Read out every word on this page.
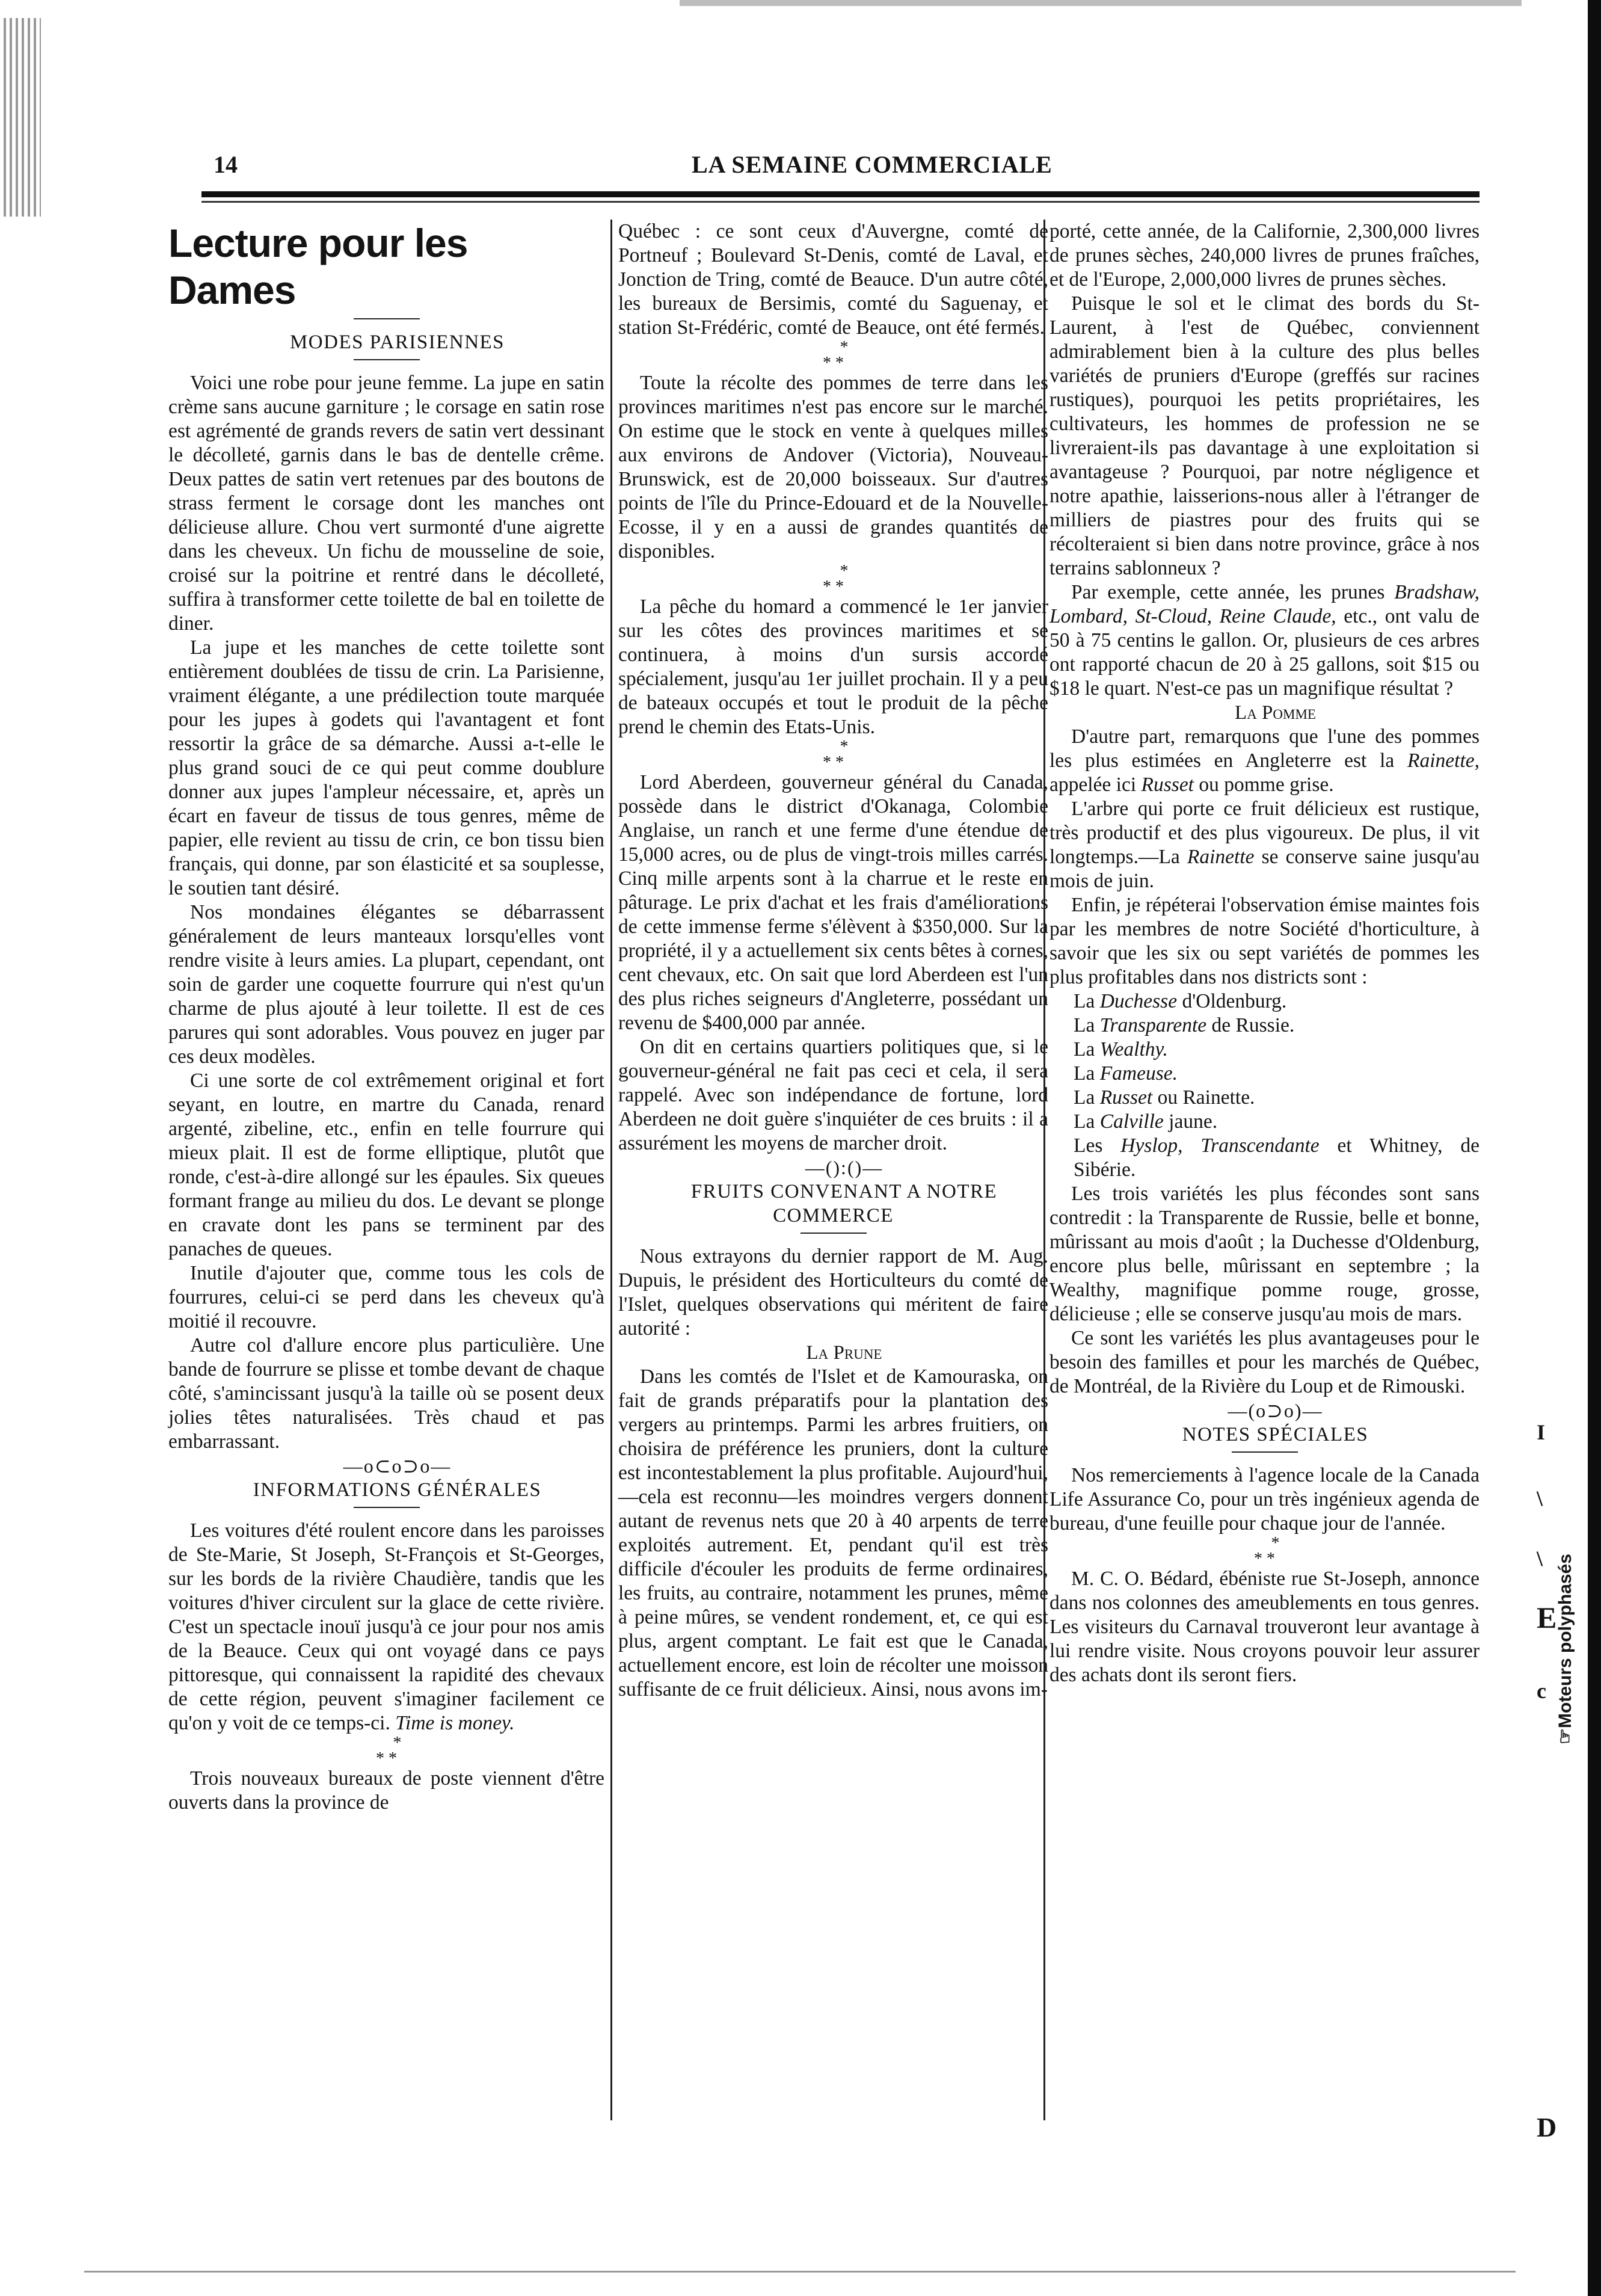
14	LA SEMAINE COMMERCIALE
Lecture pour les Dames

MODES PARISIENNES

Voici une robe pour jeune femme. La jupe en satin crème sans aucune garniture ; le corsage en satin rose est agrémenté de grands revers de satin vert dessinant le décolleté, garnis dans le bas de dentelle crême. Deux pattes de satin vert retenues par des boutons de strass ferment le corsage dont les manches ont délicieuse allure. Chou vert surmonté d'une aigrette dans les cheveux. Un fichu de mousseline de soie, croisé sur la poitrine et rentré dans le décolleté, suffira à transformer cette toilette de bal en toilette de diner.

La jupe et les manches de cette toilette sont entièrement doublées de tissu de crin. La Parisienne, vraiment élégante, a une prédilection toute marquée pour les jupes à godets qui l'avantagent et font ressortir la grâce de sa démarche. Aussi a-t-elle le plus grand souci de ce qui peut comme doublure donner aux jupes l'ampleur nécessaire, et, après un écart en faveur de tissus de tous genres, même de papier, elle revient au tissu de crin, ce bon tissu bien français, qui donne, par son élasticité et sa souplesse, le soutien tant désiré.

Nos mondaines élégantes se débarrassent généralement de leurs manteaux lorsqu'elles vont rendre visite à leurs amies. La plupart, cependant, ont soin de garder une coquette fourrure qui n'est qu'un charme de plus ajouté à leur toilette. Il est de ces parures qui sont adorables. Vous pouvez en juger par ces deux modèles.

Ci une sorte de col extrêmement original et fort seyant, en loutre, en martre du Canada, renard argenté, zibeline, etc., enfin en telle fourrure qui mieux plait. Il est de forme elliptique, plutôt que ronde, c'est-à-dire allongé sur les épaules. Six queues formant frange au milieu du dos. Le devant se plonge en cravate dont les pans se terminent par des panaches de queues.

Inutile d'ajouter que, comme tous les cols de fourrures, celui-ci se perd dans les cheveux qu'à moitié il recouvre.

Autre col d'allure encore plus particulière. Une bande de fourrure se plisse et tombe devant de chaque côté, s'amincissant jusqu'à la taille où se posent deux jolies têtes naturalisées. Très chaud et pas embarrassant.

—o⊂o⊃o—

INFORMATIONS GÉNÉRALES

Les voitures d'été roulent encore dans les paroisses de Ste-Marie, St Joseph, St-François et St-Georges, sur les bords de la rivière Chaudière, tandis que les voitures d'hiver circulent sur la glace de cette rivière. C'est un spectacle inouï jusqu'à ce jour pour nos amis de la Beauce. Ceux qui ont voyagé dans ce pays pittoresque, qui connaissent la rapidité des chevaux de cette région, peuvent s'imaginer facilement ce qu'on y voit de ce temps-ci. Time is money.

*
* *

Trois nouveaux bureaux de poste viennent d'être ouverts dans la province de

Québec : ce sont ceux d'Auvergne, comté de Portneuf ; Boulevard St-Denis, comté de Laval, et Jonction de Tring, comté de Beauce. D'un autre côté, les bureaux de Bersimis, comté du Saguenay, et station St-Frédéric, comté de Beauce, ont été fermés.

*
* *

Toute la récolte des pommes de terre dans les provinces maritimes n'est pas encore sur le marché. On estime que le stock en vente à quelques milles aux environs de Andover (Victoria), Nouveau-Brunswick, est de 20,000 boisseaux. Sur d'autres points de l'île du Prince-Edouard et de la Nouvelle-Ecosse, il y en a aussi de grandes quantités de disponibles.

*
* *

La pêche du homard a commencé le 1er janvier sur les côtes des provinces maritimes et se continuera, à moins d'un sursis accordé spécialement, jusqu'au 1er juillet prochain. Il y a peu de bateaux occupés et tout le produit de la pêche prend le chemin des Etats-Unis.

*
* *

Lord Aberdeen, gouverneur général du Canada, possède dans le district d'Okanaga, Colombie Anglaise, un ranch et une ferme d'une étendue de 15,000 acres, ou de plus de vingt-trois milles carrés. Cinq mille arpents sont à la charrue et le reste en pâturage. Le prix d'achat et les frais d'améliorations de cette immense ferme s'élèvent à $350,000. Sur la propriété, il y a actuellement six cents bêtes à cornes, cent chevaux, etc. On sait que lord Aberdeen est l'un des plus riches seigneurs d'Angleterre, possédant un revenu de $400,000 par année.

On dit en certains quartiers politiques que, si le gouverneur-général ne fait pas ceci et cela, il sera rappelé. Avec son indépendance de fortune, lord Aberdeen ne doit guère s'inquiéter de ces bruits : il a assurément les moyens de marcher droit.

—():()—

FRUITS CONVENANT A NOTRE COMMERCE

Nous extrayons du dernier rapport de M. Aug. Dupuis, le président des Horticulteurs du comté de l'Islet, quelques observations qui méritent de faire autorité :

La Prune

Dans les comtés de l'Islet et de Kamouraska, on fait de grands préparatifs pour la plantation des vergers au printemps. Parmi les arbres fruitiers, on choisira de préférence les pruniers, dont la culture est incontestablement la plus profitable. Aujourd'hui,—cela est reconnu—les moindres vergers donnent autant de revenus nets que 20 à 40 arpents de terre exploités autrement. Et, pendant qu'il est très difficile d'écouler les produits de ferme ordinaires, les fruits, au contraire, notamment les prunes, même à peine mûres, se vendent rondement, et, ce qui est plus, argent comptant. Le fait est que le Canada, actuellement encore, est loin de récolter une moisson suffisante de ce fruit délicieux. Ainsi, nous avons im-

porté, cette année, de la Californie, 2,300,000 livres de prunes sèches, 240,000 livres de prunes fraîches, et de l'Europe, 2,000,000 livres de prunes sèches.

Puisque le sol et le climat des bords du St-Laurent, à l'est de Québec, conviennent admirablement bien à la culture des plus belles variétés de pruniers d'Europe (greffés sur racines rustiques), pourquoi les petits propriétaires, les cultivateurs, les hommes de profession ne se livreraient-ils pas davantage à une exploitation si avantageuse ? Pourquoi, par notre négligence et notre apathie, laisserions-nous aller à l'étranger de milliers de piastres pour des fruits qui se récolteraient si bien dans notre province, grâce à nos terrains sablonneux ?

Par exemple, cette année, les prunes Bradshaw, Lombard, St-Cloud, Reine Claude, etc., ont valu de 50 à 75 centins le gallon. Or, plusieurs de ces arbres ont rapporté chacun de 20 à 25 gallons, soit $15 ou $18 le quart. N'est-ce pas un magnifique résultat ?

La Pomme

D'autre part, remarquons que l'une des pommes les plus estimées en Angleterre est la Rainette, appelée ici Russet ou pomme grise.

L'arbre qui porte ce fruit délicieux est rustique, très productif et des plus vigoureux. De plus, il vit longtemps.—La Rainette se conserve saine jusqu'au mois de juin.

Enfin, je répéterai l'observation émise maintes fois par les membres de notre Société d'horticulture, à savoir que les six ou sept variétés de pommes les plus profitables dans nos districts sont :

La Duchesse d'Oldenburg.

La Transparente de Russie.

La Wealthy.

La Fameuse.

La Russet ou Rainette.

La Calville jaune.

Les Hyslop, Transcendante et Whitney, de Sibérie.

Les trois variétés les plus fécondes sont sans contredit : la Transparente de Russie, belle et bonne, mûrissant au mois d'août ; la Duchesse d'Oldenburg, encore plus belle, mûrissant en septembre ; la Wealthy, magnifique pomme rouge, grosse, délicieuse ; elle se conserve jusqu'au mois de mars.

Ce sont les variétés les plus avantageuses pour le besoin des familles et pour les marchés de Québec, de Montréal, de la Rivière du Loup et de Rimouski.

—(o⊃o)—

NOTES SPÉCIALES

Nos remerciements à l'agence locale de la Canada Life Assurance Co, pour un très ingénieux agenda de bureau, d'une feuille pour chaque jour de l'année.

*
* *

M. C. O. Bédard, ébéniste rue St-Joseph, annonce dans nos colonnes des ameublements en tous genres. Les visiteurs du Carnaval trouveront leur avantage à lui rendre visite. Nous croyons pouvoir leur assurer des achats dont ils seront fiers.

I
\
\
E
c
D
☞Moteurs polyphasés
